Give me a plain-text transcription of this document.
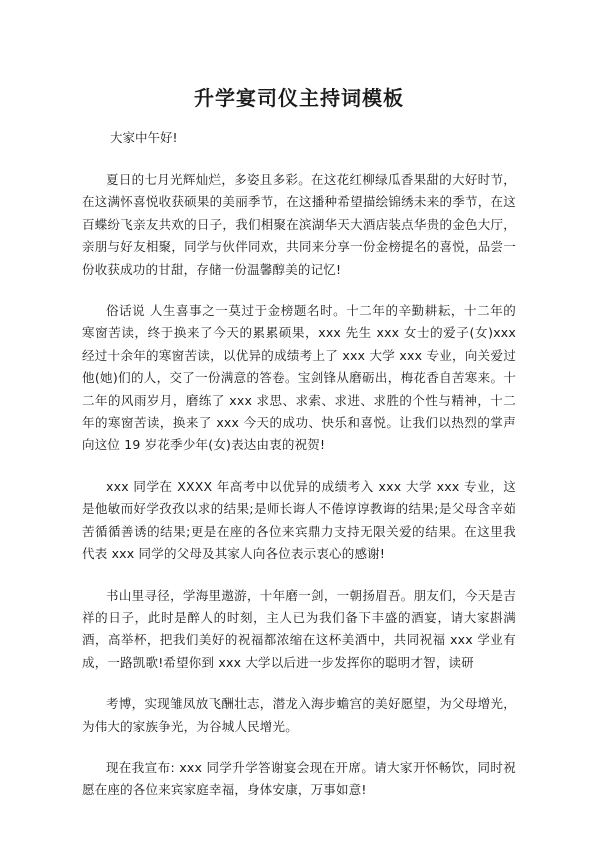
升学宴司仪主持词模板

大家中午好!

夏日的七月光辉灿烂，多姿且多彩。在这花红柳绿瓜香果甜的大好时节，在这满怀喜悦收获硕果的美丽季节，在这播种希望描绘锦绣未来的季节，在这百蝶纷飞亲友共欢的日子，我们相聚在滨湖华天大酒店装点华贵的金色大厅，亲朋与好友相聚，同学与伙伴同欢，共同来分享一份金榜提名的喜悦，品尝一份收获成功的甘甜，存储一份温馨醇美的记忆!

俗话说 人生喜事之一莫过于金榜题名时。十二年的辛勤耕耘，十二年的寒窗苦读，终于换来了今天的累累硕果，xxx 先生 xxx 女士的爱子(女)xxx 经过十余年的寒窗苦读，以优异的成绩考上了 xxx 大学 xxx 专业，向关爱过他(她)们的人，交了一份满意的答卷。宝剑锋从磨砺出，梅花香自苦寒来。十二年的风雨岁月，磨练了 xxx 求思、求索、求进、求胜的个性与精神，十二年的寒窗苦读，换来了 xxx 今天的成功、快乐和喜悦。让我们以热烈的掌声向这位 19 岁花季少年(女)表达由衷的祝贺!

xxx 同学在 XXXX 年高考中以优异的成绩考入 xxx 大学 xxx 专业，这是他敏而好学孜孜以求的结果;是师长诲人不倦谆谆教诲的结果;是父母含辛茹苦循循善诱的结果;更是在座的各位来宾鼎力支持无限关爱的结果。在这里我代表 xxx 同学的父母及其家人向各位表示衷心的感谢!

书山里寻径，学海里遨游，十年磨一剑，一朝扬眉吾。朋友们，今天是吉祥的日子，此时是醉人的时刻，主人已为我们备下丰盛的酒宴，请大家斟满酒，高举杯，把我们美好的祝福都浓缩在这杯美酒中，共同祝福 xxx 学业有成，一路凯歌!希望你到 xxx 大学以后进一步发挥你的聪明才智，读研

考博，实现雏凤放飞酬壮志，潜龙入海步蟾宫的美好愿望，为父母增光，为伟大的家族争光，为谷城人民增光。

现在我宣布: xxx 同学升学答谢宴会现在开席。请大家开怀畅饮，同时祝愿在座的各位来宾家庭幸福，身体安康，万事如意!
